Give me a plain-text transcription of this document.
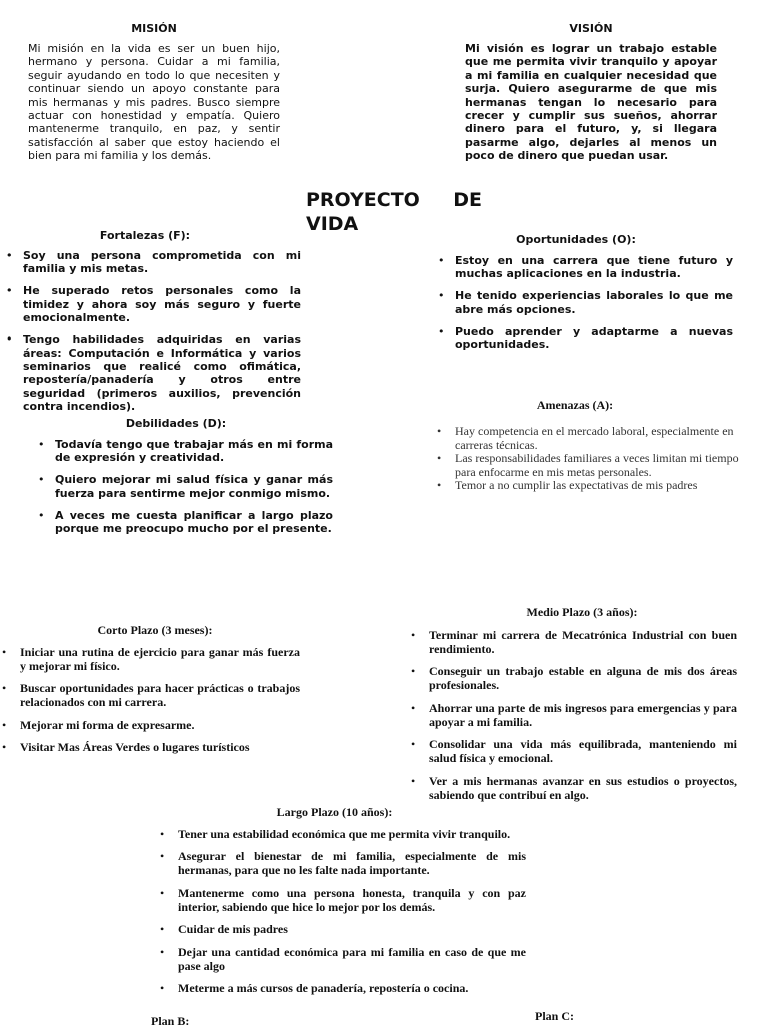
MISIÓN

Mi misión en la vida es ser un buen hijo, hermano y persona. Cuidar a mi familia, seguir ayudando en todo lo que necesiten y continuar siendo un apoyo constante para mis hermanas y mis padres. Busco siempre actuar con honestidad y empatía. Quiero mantenerme tranquilo, en paz, y sentir satisfacción al saber que estoy haciendo el bien para mi familia y los demás.

VISIÓN

Mi visión es lograr un trabajo estable que me permita vivir tranquilo y apoyar a mi familia en cualquier necesidad que surja. Quiero asegurarme de que mis hermanas tengan lo necesario para crecer y cumplir sus sueños, ahorrar dinero para el futuro, y, si llegara pasarme algo, dejarles al menos un poco de dinero que puedan usar.

PROYECTO DE VIDA
Fortalezas (F):
• Soy una persona comprometida con mi familia y mis metas.
• He superado retos personales como la timidez y ahora soy más seguro y fuerte emocionalmente.
• Tengo habilidades adquiridas en varias áreas: Computación e Informática y varios seminarios que realicé como ofimática, repostería/panadería y otros entre seguridad (primeros auxilios, prevención contra incendios).
•
•
•
Oportunidades (O):
• Estoy en una carrera que tiene futuro y muchas aplicaciones en la industria.
• He tenido experiencias laborales lo que me abre más opciones.
• Puedo aprender y adaptarme a nuevas oportunidades.
Debilidades (D):
• Todavía tengo que trabajar más en mi forma de expresión y creatividad.
• Quiero mejorar mi salud física y ganar más fuerza para sentirme mejor conmigo mismo.
• A veces me cuesta planificar a largo plazo porque me preocupo mucho por el presente.
Amenazas (A):
• Hay competencia en el mercado laboral, especialmente en carreras técnicas.
• Las responsabilidades familiares a veces limitan mi tiempo para enfocarme en mis metas personales.
• Temor a no cumplir las expectativas de mis padres
Corto Plazo (3 meses):
• Iniciar una rutina de ejercicio para ganar más fuerza y mejorar mi físico.
• Buscar oportunidades para hacer prácticas o trabajos relacionados con mi carrera.
• Mejorar mi forma de expresarme.
• Visitar Mas Áreas Verdes o lugares turísticos
Medio Plazo (3 años):
• Terminar mi carrera de Mecatrónica Industrial con buen rendimiento.
• Conseguir un trabajo estable en alguna de mis dos áreas profesionales.
• Ahorrar una parte de mis ingresos para emergencias y para apoyar a mi familia.
• Consolidar una vida más equilibrada, manteniendo mi salud física y emocional.
• Ver a mis hermanas avanzar en sus estudios o proyectos, sabiendo que contribuí en algo.
Largo Plazo (10 años):
• Tener una estabilidad económica que me permita vivir tranquilo.
• Asegurar el bienestar de mi familia, especialmente de mis hermanas, para que no les falte nada importante.
• Mantenerme como una persona honesta, tranquila y con paz interior, sabiendo que hice lo mejor por los demás.
• Cuidar de mis padres
• Dejar una cantidad económica para mi familia en caso de que me pase algo
• Meterme a más cursos de panadería, repostería o cocina.
Plan B:	Plan C:
